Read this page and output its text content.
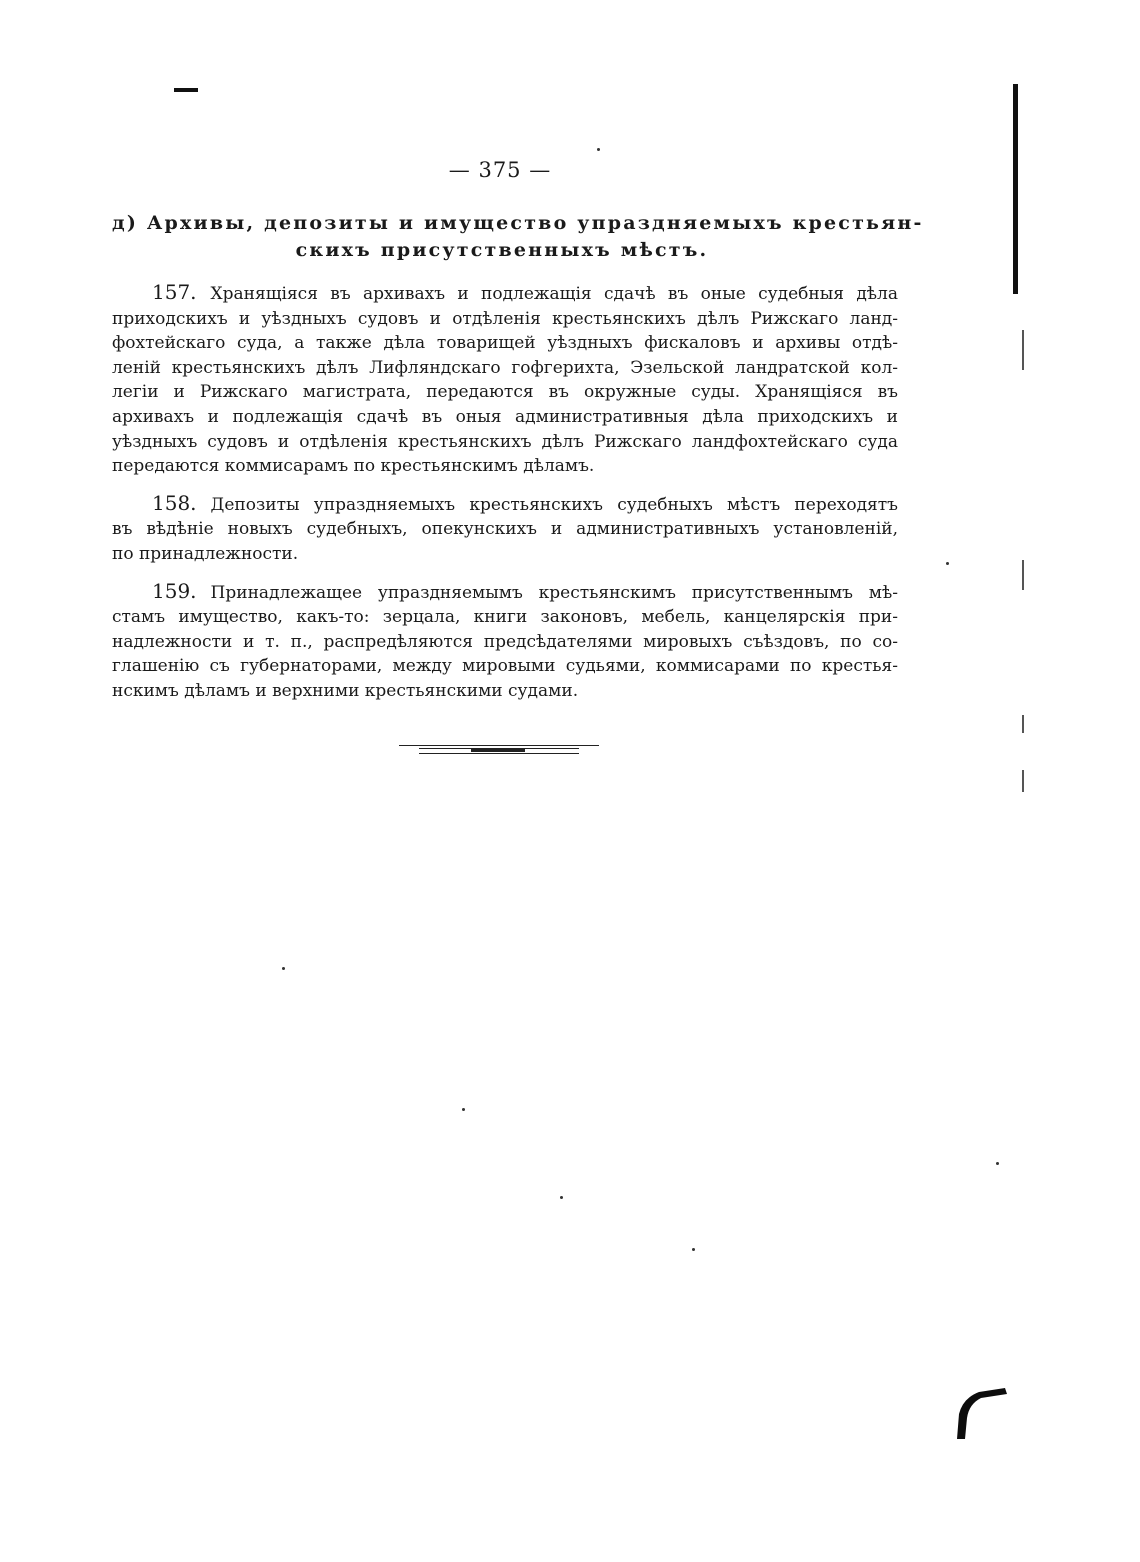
— 375 —
д) Архивы, депозиты и имущество упраздняемыхъ крестьян-
скихъ присутственныхъ мѣстъ.
157. Хранящіяся въ архивахъ и подлежащія сдачѣ въ оные судебныя дѣла
приходскихъ и уѣздныхъ судовъ и отдѣленія крестьянскихъ дѣлъ Рижскаго ланд-
фохтейскаго суда, а также дѣла товарищей уѣздныхъ фискаловъ и архивы отдѣ-
леній крестьянскихъ дѣлъ Лифляндскаго гофгерихта, Эзельской ландратской кол-
легіи и Рижскаго магистрата, передаются въ окружные суды. Хранящіяся въ
архивахъ и подлежащія сдачѣ въ оныя административныя дѣла приходскихъ и
уѣздныхъ судовъ и отдѣленія крестьянскихъ дѣлъ Рижскаго ландфохтейскаго суда
передаются коммисарамъ по крестьянскимъ дѣламъ.
158. Депозиты упраздняемыхъ крестьянскихъ судебныхъ мѣстъ переходятъ
въ вѣдѣніе новыхъ судебныхъ, опекунскихъ и административныхъ установленій,
по принадлежности.
159. Принадлежащее упраздняемымъ крестьянскимъ присутственнымъ мѣ-
стамъ имущество, какъ-то: зерцала, книги законовъ, мебель, канцелярскія при-
надлежности и т. п., распредѣляются предсѣдателями мировыхъ съѣздовъ, по со-
глашенію съ губернаторами, между мировыми судьями, коммисарами по крестья-
нскимъ дѣламъ и верхними крестьянскими судами.
